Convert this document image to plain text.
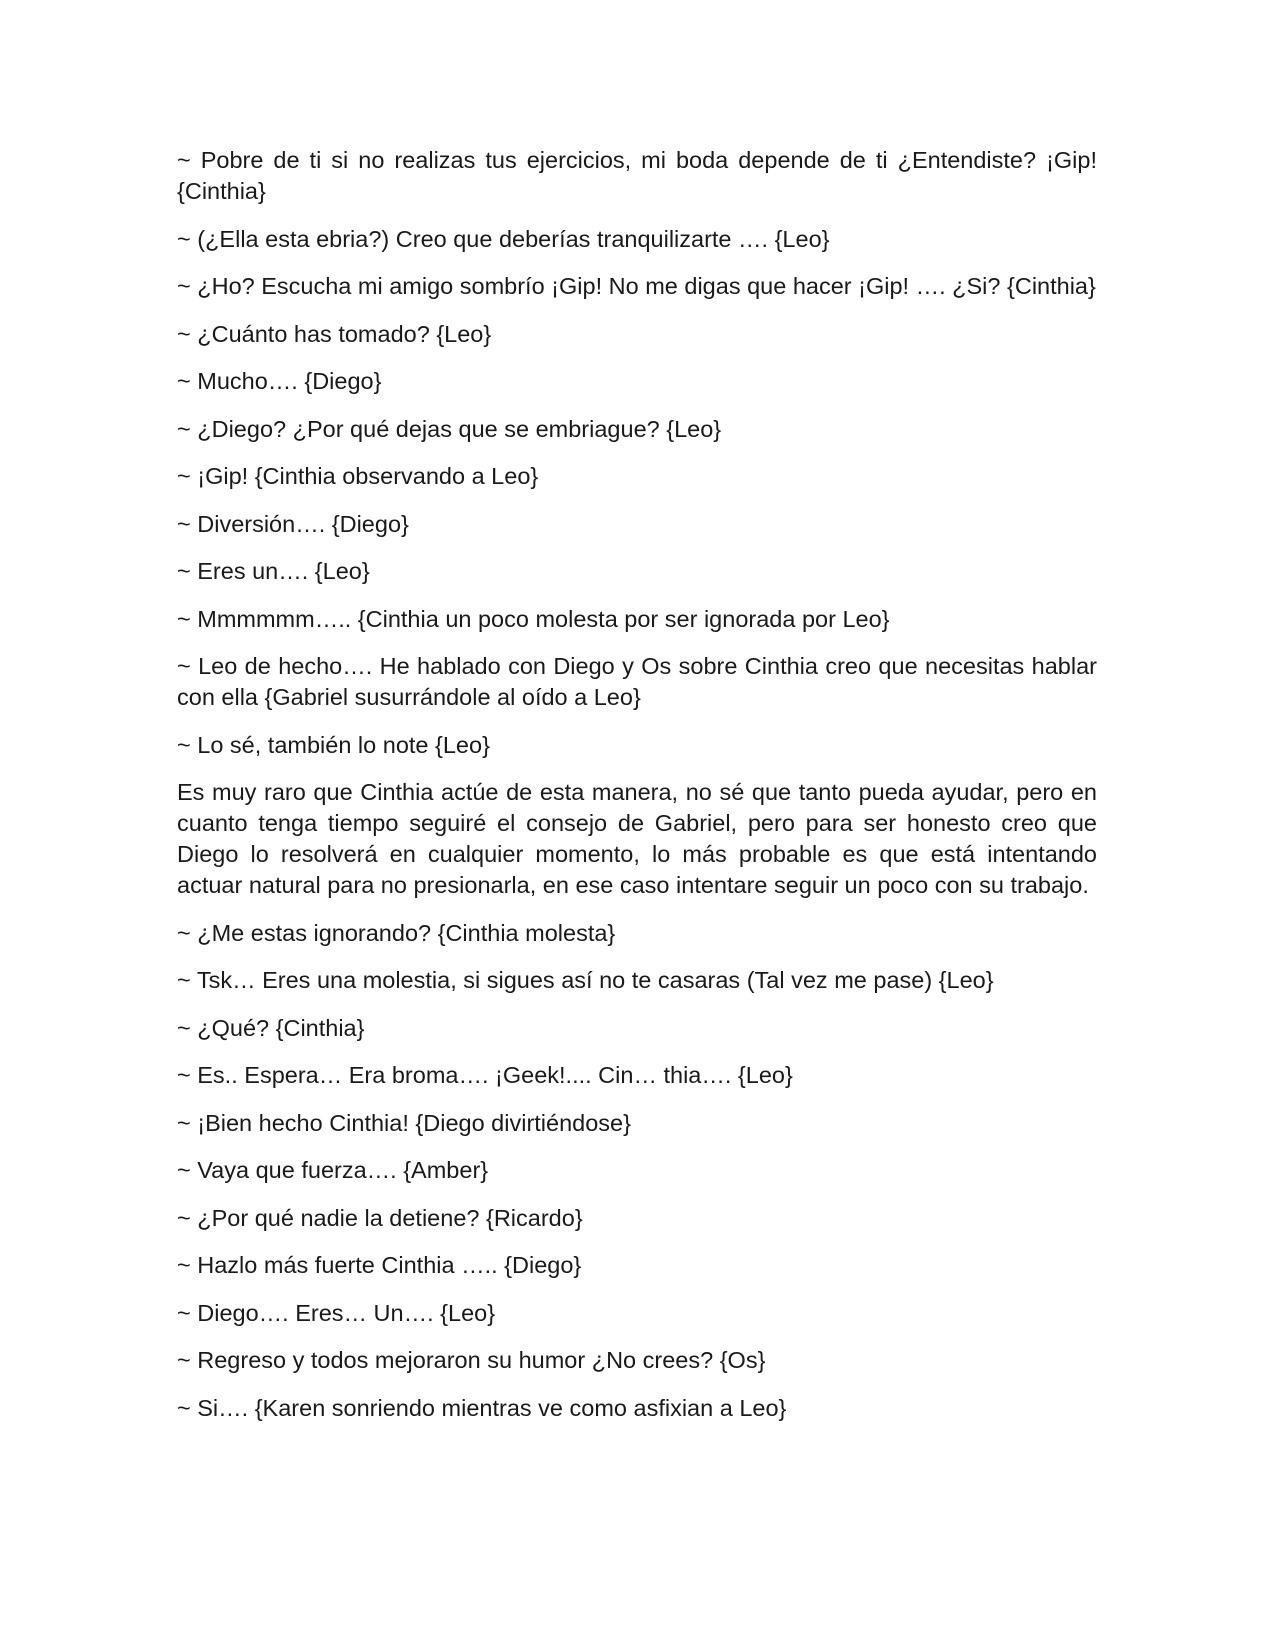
~ Pobre de ti si no realizas tus ejercicios, mi boda depende de ti ¿Entendiste? ¡Gip! {Cinthia}

~ (¿Ella esta ebria?) Creo que deberías tranquilizarte …. {Leo}

~ ¿Ho? Escucha mi amigo sombrío ¡Gip! No me digas que hacer ¡Gip! …. ¿Si? {Cinthia}

~ ¿Cuánto has tomado? {Leo}

~ Mucho…. {Diego}

~ ¿Diego? ¿Por qué dejas que se embriague? {Leo}

~ ¡Gip! {Cinthia observando a Leo}

~ Diversión…. {Diego}

~ Eres un…. {Leo}

~ Mmmmmm….. {Cinthia un poco molesta por ser ignorada por Leo}

~ Leo de hecho…. He hablado con Diego y Os sobre Cinthia creo que necesitas hablar con ella {Gabriel susurrándole al oído a Leo}

~ Lo sé, también lo note {Leo}

Es muy raro que Cinthia actúe de esta manera, no sé que tanto pueda ayudar, pero en cuanto tenga tiempo seguiré el consejo de Gabriel, pero para ser honesto creo que Diego lo resolverá en cualquier momento, lo más probable es que está intentando actuar natural para no presionarla, en ese caso intentare seguir un poco con su trabajo.

~ ¿Me estas ignorando? {Cinthia molesta}

~ Tsk… Eres una molestia, si sigues así no te casaras (Tal vez me pase) {Leo}

~ ¿Qué? {Cinthia}

~ Es.. Espera… Era broma…. ¡Geek!.... Cin… thia…. {Leo}

~ ¡Bien hecho Cinthia! {Diego divirtiéndose}

~ Vaya que fuerza…. {Amber}

~ ¿Por qué nadie la detiene? {Ricardo}

~ Hazlo más fuerte Cinthia ….. {Diego}

~ Diego…. Eres… Un…. {Leo}

~ Regreso y todos mejoraron su humor ¿No crees? {Os}

~ Si…. {Karen sonriendo mientras ve como asfixian a Leo}
